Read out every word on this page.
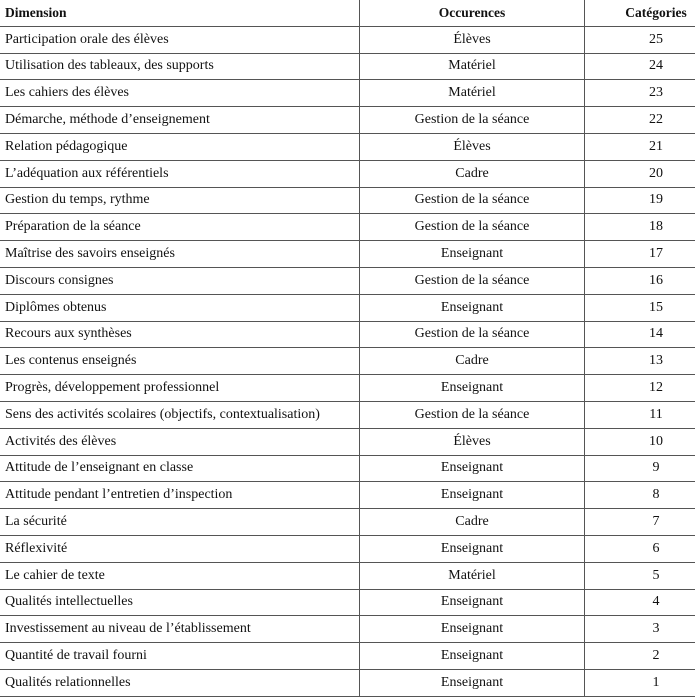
Dimension	Occurences	Catégories
Participation orale des élèves	Élèves	25
Utilisation des tableaux, des supports	Matériel	24
Les cahiers des élèves	Matériel	23
Démarche, méthode d’enseignement	Gestion de la séance	22
Relation pédagogique	Élèves	21
L’adéquation aux référentiels	Cadre	20
Gestion du temps, rythme	Gestion de la séance	19
Préparation de la séance	Gestion de la séance	18
Maîtrise des savoirs enseignés	Enseignant	17
Discours consignes	Gestion de la séance	16
Diplômes obtenus	Enseignant	15
Recours aux synthèses	Gestion de la séance	14
Les contenus enseignés	Cadre	13
Progrès, développement professionnel	Enseignant	12
Sens des activités scolaires (objectifs, contextualisation)	Gestion de la séance	11
Activités des élèves	Élèves	10
Attitude de l’enseignant en classe	Enseignant	9
Attitude pendant l’entretien d’inspection	Enseignant	8
La sécurité	Cadre	7
Réflexivité	Enseignant	6
Le cahier de texte	Matériel	5
Qualités intellectuelles	Enseignant	4
Investissement au niveau de l’établissement	Enseignant	3
Quantité de travail fourni	Enseignant	2
Qualités relationnelles	Enseignant	1
